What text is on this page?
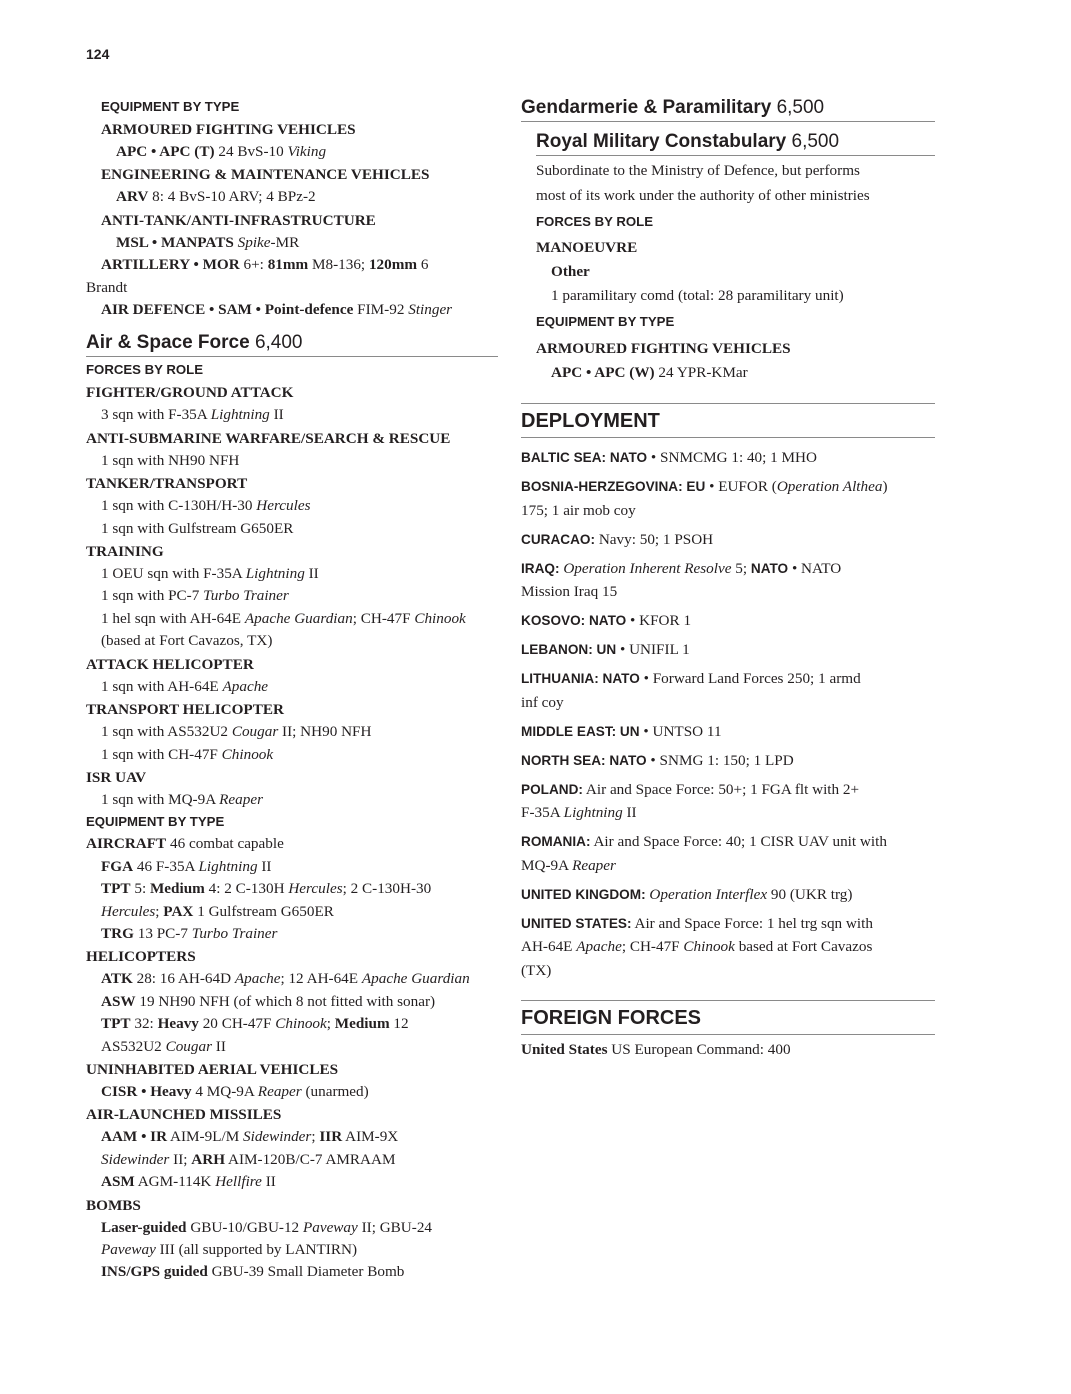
124
EQUIPMENT BY TYPE
ARMOURED FIGHTING VEHICLES
APC • APC (T) 24 BvS-10 Viking
ENGINEERING & MAINTENANCE VEHICLES
ARV 8: 4 BvS-10 ARV; 4 BPz-2
ANTI-TANK/ANTI-INFRASTRUCTURE
MSL • MANPATS Spike-MR
ARTILLERY • MOR 6+: 81mm M8-136; 120mm 6
Brandt
AIR DEFENCE • SAM • Point-defence FIM-92 Stinger
Air & Space Force 6,400
FORCES BY ROLE
FIGHTER/GROUND ATTACK
3 sqn with F-35A Lightning II
ANTI-SUBMARINE WARFARE/SEARCH & RESCUE
1 sqn with NH90 NFH
TANKER/TRANSPORT
1 sqn with C-130H/H-30 Hercules
1 sqn with Gulfstream G650ER
TRAINING
1 OEU sqn with F-35A Lightning II
1 sqn with PC-7 Turbo Trainer
1 hel sqn with AH-64E Apache Guardian; CH-47F Chinook
(based at Fort Cavazos, TX)
ATTACK HELICOPTER
1 sqn with AH-64E Apache
TRANSPORT HELICOPTER
1 sqn with AS532U2 Cougar II; NH90 NFH
1 sqn with CH-47F Chinook
ISR UAV
1 sqn with MQ-9A Reaper
EQUIPMENT BY TYPE
AIRCRAFT 46 combat capable
FGA 46 F-35A Lightning II
TPT 5: Medium 4: 2 C-130H Hercules; 2 C-130H-30
Hercules; PAX 1 Gulfstream G650ER
TRG 13 PC-7 Turbo Trainer
HELICOPTERS
ATK 28: 16 AH-64D Apache; 12 AH-64E Apache Guardian
ASW 19 NH90 NFH (of which 8 not fitted with sonar)
TPT 32: Heavy 20 CH-47F Chinook; Medium 12
AS532U2 Cougar II
UNINHABITED AERIAL VEHICLES
CISR • Heavy 4 MQ-9A Reaper (unarmed)
AIR-LAUNCHED MISSILES
AAM • IR AIM-9L/M Sidewinder; IIR AIM-9X
Sidewinder II; ARH AIM-120B/C-7 AMRAAM
ASM AGM-114K Hellfire II
BOMBS
Laser-guided GBU-10/GBU-12 Paveway II; GBU-24
Paveway III (all supported by LANTIRN)
INS/GPS guided GBU-39 Small Diameter Bomb
Gendarmerie & Paramilitary 6,500
Royal Military Constabulary 6,500
Subordinate to the Ministry of Defence, but performs
most of its work under the authority of other ministries
FORCES BY ROLE
MANOEUVRE
Other
1 paramilitary comd (total: 28 paramilitary unit)
EQUIPMENT BY TYPE
ARMOURED FIGHTING VEHICLES
APC • APC (W) 24 YPR-KMar
DEPLOYMENT
BALTIC SEA: NATO • SNMCMG 1: 40; 1 MHO
BOSNIA-HERZEGOVINA: EU • EUFOR (Operation Althea)
175; 1 air mob coy
CURACAO: Navy: 50; 1 PSOH
IRAQ: Operation Inherent Resolve 5; NATO • NATO
Mission Iraq 15
KOSOVO: NATO • KFOR 1
LEBANON: UN • UNIFIL 1
LITHUANIA: NATO • Forward Land Forces 250; 1 armd
inf coy
MIDDLE EAST: UN • UNTSO 11
NORTH SEA: NATO • SNMG 1: 150; 1 LPD
POLAND: Air and Space Force: 50+; 1 FGA flt with 2+
F-35A Lightning II
ROMANIA: Air and Space Force: 40; 1 CISR UAV unit with
MQ-9A Reaper
UNITED KINGDOM: Operation Interflex 90 (UKR trg)
UNITED STATES: Air and Space Force: 1 hel trg sqn with
AH-64E Apache; CH-47F Chinook based at Fort Cavazos
(TX)
FOREIGN FORCES
United States US European Command: 400
